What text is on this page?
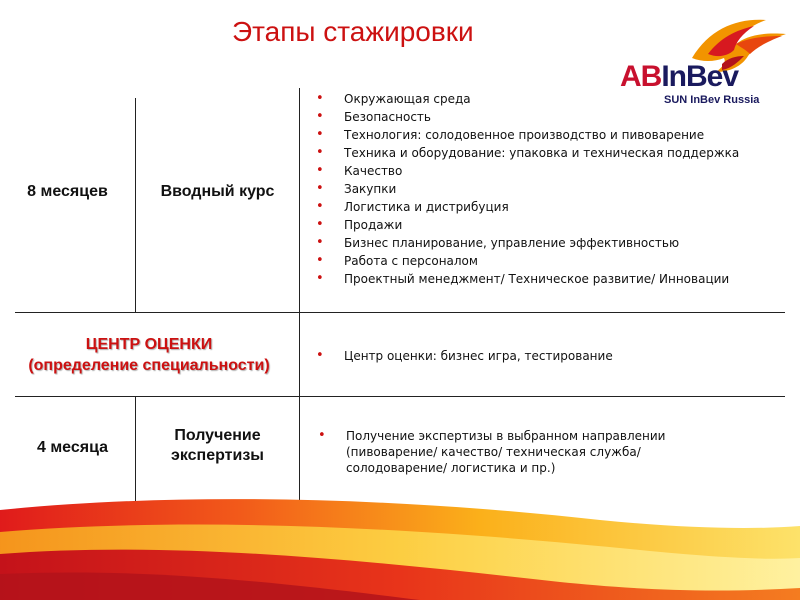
Этапы стажировки
ABInBev
SUN InBev Russia
8 месяцев	Вводный курс
• Окружающая среда
• Безопасность
• Технология: солодовенное производство и пивоварение
• Техника и оборудование: упаковка и техническая поддержка
• Качество
• Закупки
• Логистика и дистрибуция
• Продажи
• Бизнес планирование, управление эффективностью
• Работа с персоналом
• Проектный менеджмент/ Техническое развитие/ Инновации
ЦЕНТР ОЦЕНКИ
(определение специальности)
• Центр оценки: бизнес игра, тестирование
4 месяца
Получение
экспертизы
• Получение экспертизы в выбранном направлении (пивоварение/ качество/ техническая служба/ солодоварение/ логистика и пр.)
